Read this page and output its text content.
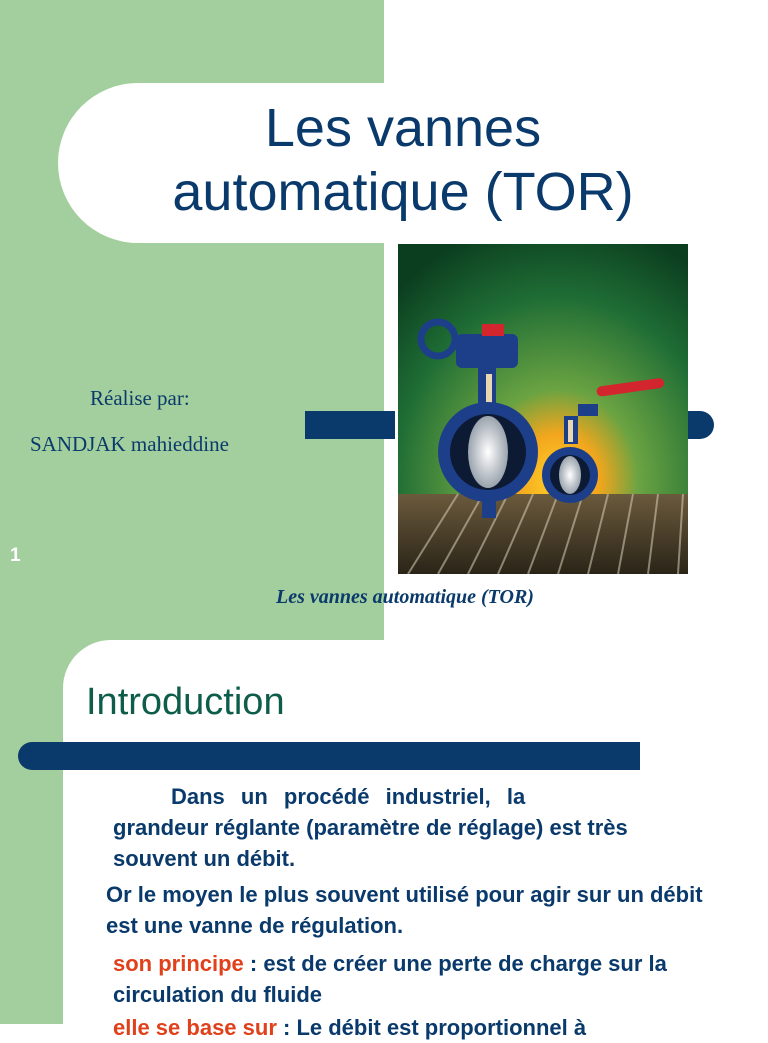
Les vannes
automatique (TOR)
Réalise par:
SANDJAK mahieddine
1
Les vannes automatique (TOR)
Introduction
Dans un procédé industriel, la
grandeur réglante (paramètre de réglage) est très souvent un débit.
Or le moyen le plus souvent utilisé pour agir sur un débit est une vanne de régulation.
son principe : est de créer une perte de charge sur la circulation du fluide
elle se base sur : Le débit est proportionnel à
